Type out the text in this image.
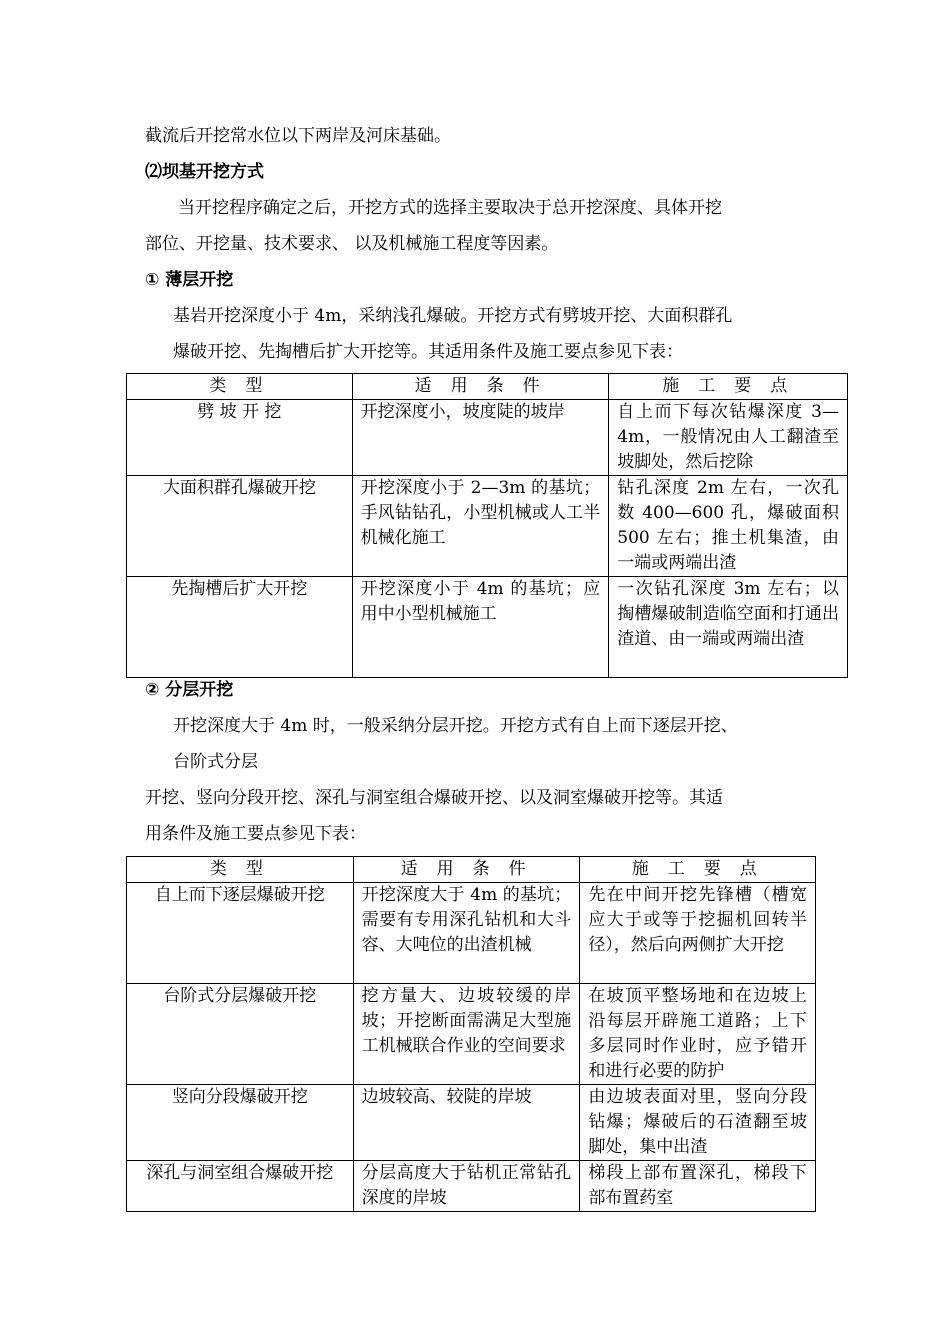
截流后开挖常水位以下两岸及河床基础。
⑵坝基开挖方式
当开挖程序确定之后，开挖方式的选择主要取决于总开挖深度、具体开挖
部位、开挖量、技术要求、 以及机械施工程度等因素。
① 薄层开挖
基岩开挖深度小于 4m，采纳浅孔爆破。开挖方式有劈坡开挖、大面积群孔
爆破开挖、先掏槽后扩大开挖等。其适用条件及施工要点参见下表：
类 型	适 用 条 件	施 工 要 点
劈 坡 开 挖	开挖深度小，坡度陡的坡岸	自上而下每次钻爆深度 3—4m，一般情况由人工翻渣至坡脚处，然后挖除
大面积群孔爆破开挖	开挖深度小于 2—3m 的基坑；手风钻钻孔，小型机械或人工半机械化施工	钻孔深度 2m 左右，一次孔数 400—600 孔，爆破面积 500 左右；推土机集渣，由一端或两端出渣
先掏槽后扩大开挖	开挖深度小于 4m 的基坑；应用中小型机械施工	一次钻孔深度 3m 左右；以掏槽爆破制造临空面和打通出渣道、由一端或两端出渣
② 分层开挖
开挖深度大于 4m 时，一般采纳分层开挖。开挖方式有自上而下逐层开挖、
台阶式分层
开挖、竖向分段开挖、深孔与洞室组合爆破开挖、以及洞室爆破开挖等。其适
用条件及施工要点参见下表：
类 型	适 用 条 件	施 工 要 点
自上而下逐层爆破开挖	开挖深度大于 4m 的基坑；需要有专用深孔钻机和大斗容、大吨位的出渣机械	先在中间开挖先锋槽（槽宽应大于或等于挖掘机回转半径），然后向两侧扩大开挖
台阶式分层爆破开挖	挖方量大、边坡较缓的岸坡；开挖断面需满足大型施工机械联合作业的空间要求	在坡顶平整场地和在边坡上沿每层开辟施工道路；上下多层同时作业时，应予错开和进行必要的防护
竖向分段爆破开挖	边坡较高、较陡的岸坡	由边坡表面对里，竖向分段钻爆；爆破后的石渣翻至坡脚处，集中出渣
深孔与洞室组合爆破开挖	分层高度大于钻机正常钻孔深度的岸坡	梯段上部布置深孔，梯段下部布置药室
